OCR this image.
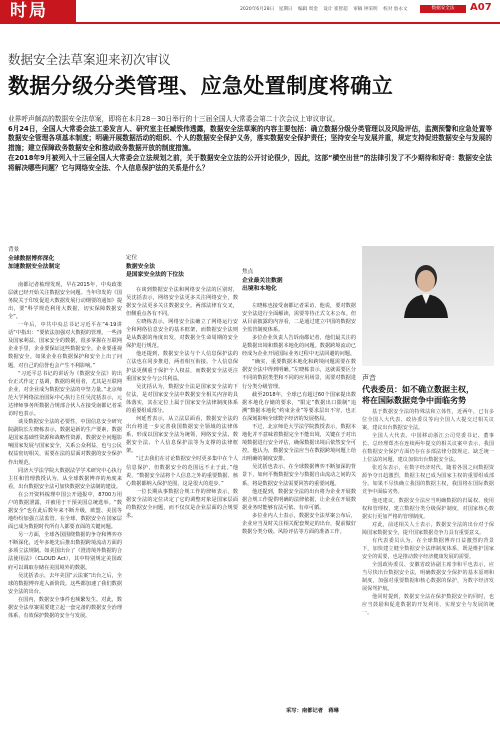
时局	2020年6月28日 星期日 编辑 周金 设计 崔智超 审稿 钟采明 校对 詹永文	数据安全法	A07
数据安全法草案迎来初次审议
数据分级分类管理、应急处置制度将确立

业界呼声颇高的数据安全法草案，即将在本月28－30日举行的十三届全国人大常委会第二十次会议上审议审议。

6月24日，全国人大常委会法工委发言人、研究室主任臧铁伟透露，数据安全法草案的内容主要包括：确立数据分级分类管理以及风险评估，监测预警和应急处置等数据安全管理各项基本制度；明确开展数据活动的组织、个人的数据安全保护义务，落实数据安全保护责任；坚持安全与发展并重，规定支持促进数据安全与发展的措施；建立保障政务数据安全和推动政务数据开放的制度措施。

在2018年9月被列入十三届全国人大常委会立法规划之前，关于数据安全立法的公开讨论很少，因此，这部“横空出世”的法律引发了不少期待和好奇：数据安全法将解决哪些问题？它与网络安全法、个人信息保护法的关系是什么？

背景
全球数据博弈深化
加速数据安全法制定

南都记者梳理发现，早在2015年，中央政策层就已经开始关注数据安全问题。当年印发的《国务院关于印发促进大数据发展行动纲要的通知》提出，要“科学规范利用大数据，切实保障数据安全”。

一年后，中共中央总书记习近平在“4·19讲话”中指出：“要依法加强对大数据的管理。一些涉及国家利益、国家安全的数据，很多掌握在互联网企业手里，企业要保证这些数据安全。企业要重视数据安全。如果企业在数据保护和安全上出了问题，对自己的信誉也会产生不利影响。”

“习近平总书记的讲话为《数据安全法》的出台正式作定了基调，数据的利用者，尤其是互联网企业，对企业成为数据安全法的中坚力量。”北京师范大学网络法治国际中心执行主任吴沈括表示，元达律师事务所数据合规部合伙人在接受南都记者采访时也表示。

谈及数据安全法的必要性，中国信息安全研究院副院长左晓栋表示，数据是新的生产要素，数据是国家基础性资源和战略性资源，数据安全问题影响国家发展与国家安全，关系公众利益，也与公民权益密切相关，需要在法的层面对数据的安全保护作出规范。

同济大学法学院大数据法学学术研究中心执行主任和管理教授认为，从全球数据博弈的角度来看，出台数据安全法可加快数据安全法制的建设。

在公开资料梳理中国公开通报中，8700万用户的数据泄露，并被用于干预美国总统选举。“数据安全”也在此后数年来不断升级，欧盟、美国等地纷纷加强立法监管。在全球，数据安全在国家层面已成为数据时代所有人都要直面的关键问题。

另一方面，全球各国围绕数据的争夺和博弈亦不断深化，近年多地先后推出数据跨境流动方面的多项立法规制。如美国出台了《澄清境外数据的合法使用法》（CLOUD Act），其中特别规定美国政府可以调取存储在美国境外的数据。

吴沈括表示，去年美国“云法案”出台之后，全球的数据博弈进入新阶段。这些都加速了我们数据安全法的出台。

在国内，数据安全事件也频繁发生。对此，数据安全法草案需要建立起一套完备的数据安全治理体系，有效保护数据的安全与发展。

定位
数据安全法
是国家安全法的下位法

在谈到数据安全法和网络安全法的区别时，吴沈括表示，网络安全法更多关注网络安全，数据安全法更多关注数据安全。两部法律有交叉，但侧重点各有不同。

左晓栋表示，网络安全法确立了网络运行安全和网络信息安全的基本框架，而数据安全法则是从数据的角度出发，对数据全生命周期的安全保护进行规范。

他还提到，数据安全法与个人信息保护法的立法也在同步推进，两者相互衔接。个人信息保护法更侧重于保护个人权益，而数据安全法更注重国家安全与公共利益。

吴沈括认为，数据安全法是国家安全法的下位法，是对国家安全法中数据安全相关内容的具体落实，其在定位上属于国家安全法律制度体系的重要组成部分。

何延哲表示，从立法层面看，数据安全法的出台将进一步完善我国数据安全领域的法律体系，形成以国家安全法为统领，网络安全法、数据安全法、个人信息保护法等为支撑的法律框架。

“过去我们在讨论数据安全时更多集中在个人信息保护，但数据安全的范围远不止于此。”他说，“数据安全法将个人信息之外的重要数据、核心数据都纳入保护范围，这是很大的进步。”

一位长期从事数据合规工作的律师表示，数据安全法的定位决定了它的调整对象是国家层面的数据安全问题，而不仅仅是企业层面的合规要求。

焦点
企业最关注数据
出境和本地化

左晓栋也接受南都记者采访，他说，要对数据安全法进行全面解读，需要等待正式文本公布。但从目前披露的内容看，二是通过建立中国的数据安全监管制度体系。

多位企业负责人告诉南都记者，他们最关注的是数据出境和数据本地化的问题。数据跨境流动已经成为企业开展国际业务过程中无法回避的问题。

“确实，重要数据本地化和跨境问题需要在数据安全法中得到明确。”左晓栋表示，这就需要区分不同的数据类型和不同的应用场景，需要对数据进行分类分级管理。

截至2018年，全球已有超过60个国家提出数据本地化存储的要求，“限定”数据出口限制“追溯”数据本地化“约束企业”等要求层出不穷，也正在深刻影响全球数字经济的发展格局。

不过，北京师范大学法学院教授表示，数据本地化并不意味着数据完全不能出境，关键在于对出境数据进行安全评估，确保数据出境后依然安全可控。他认为，数据安全法应当在数据跨境问题上给出明确的制度安排。

吴沈括也表示，在全球数据博弈不断加深的背景下，如何平衡数据安全与数据自由流动之间的关系，将是数据安全法需要回答的重要问题。

他还提到，数据安全法的出台将为企业开展数据合规工作提供明确的法律依据，让企业在开展数据业务时能够有法可依、有章可循。

多位业内人士表示，数据安全法草案公布后，企业应当及时关注相关配套规定的出台，提前做好数据分类分级、风险评估等方面的准备工作。

声音
代表委员：如不确立数据主权，
将在国际数据竞争中面临劣势

基于数据安全法的特殊法和立体性，近两年，已有多位全国人大代表、政协委员等向全国人大提交过相关议案，建议出台数据安全法。

全国人大代表、中国移动浙江公司党委书记、董事长、总经理郑杰在连续两年提交的相关议案中表示，我国在数据安全保护方面仍存在多部法律分散规定、缺乏统一上位法的问题，建议加快出台数据安全法。

张近东表示，在数字经济时代，随着各国之间数据资源争夺日趋激烈，数据主权已成为国家主权的重要组成部分。如果不尽快确立我国的数据主权，我国将在国际数据竞争中面临劣势。

他还建议，数据安全法应当明确数据的归属权、使用权和管理权，建立数据分类分级保护制度，对国家核心数据实行更加严格的管理制度。

对此，前述相关人士表示，数据安全法的出台对于保障国家数据安全，提升国家数据竞争力具有重要意义。

有代表委员认为，在全球数据博弈日益激烈的背景下，加快建立健全数据安全法律制度体系，既是维护国家安全的需要，也是推动数字经济健康发展的需要。

全国政协委员、安徽省政协副主席李和平也表示，应当尽快出台数据安全法，明确数据安全保护的基本原则和制度，加强对重要数据和核心数据的保护，为数字经济发展保驾护航。

他同时提到，数据安全法在保护数据安全的同时，也应当鼓励和促进数据的开发利用，实现安全与发展的统一。

采写：南都记者　蒋琳
